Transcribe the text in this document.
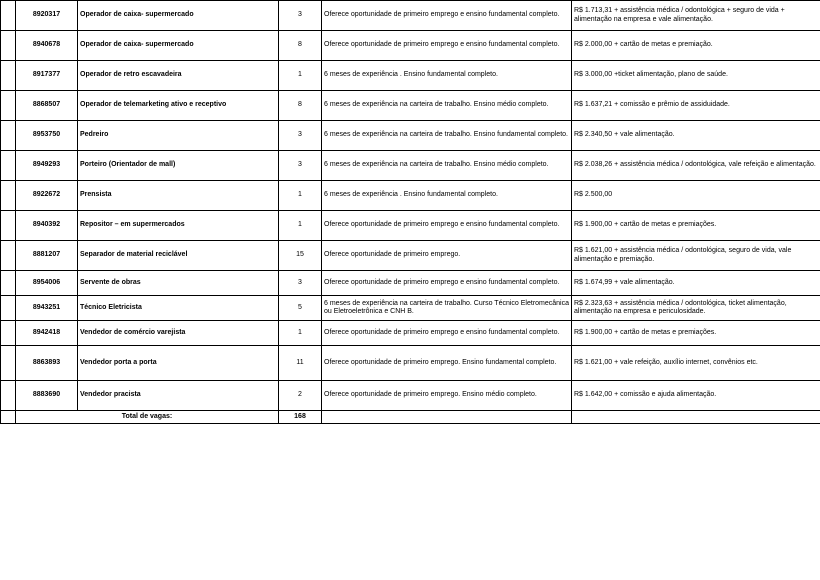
	8920317	Operador de caixa- supermercado	3	Oferece oportunidade de primeiro emprego e ensino fundamental completo.	R$ 1.713,31 + assistência médica / odontológica + seguro de vida + alimentação na empresa e vale alimentação.
	8940678	Operador de caixa- supermercado	8	Oferece oportunidade de primeiro emprego e ensino fundamental completo.	R$ 2.000,00 + cartão de metas e premiação.
	8917377	Operador de retro escavadeira	1	6 meses de experiência . Ensino fundamental completo.	R$ 3.000,00 +ticket alimentação, plano de saúde.
	8868507	Operador de telemarketing ativo e receptivo	8	6 meses de experiência na carteira de trabalho. Ensino médio completo.	R$ 1.637,21 + comissão e prêmio de assiduidade.
	8953750	Pedreiro	3	6 meses de experiência na carteira de trabalho. Ensino fundamental completo.	R$ 2.340,50 + vale alimentação.
	8949293	Porteiro (Orientador de mall)	3	6 meses de experiência na carteira de trabalho. Ensino médio completo.	R$ 2.038,26 + assistência médica / odontológica, vale refeição e alimentação.
	8922672	Prensista	1	6 meses de experiência . Ensino fundamental completo.	R$ 2.500,00
	8940392	Repositor – em supermercados	1	Oferece oportunidade de primeiro emprego e ensino fundamental completo.	R$ 1.900,00 + cartão de metas e premiações.
	8881207	Separador de material reciclável	15	Oferece oportunidade de primeiro emprego.	R$ 1.621,00 + assistência médica / odontológica, seguro de vida, vale alimentação e premiação.
	8954006	Servente de obras	3	Oferece oportunidade de primeiro emprego e ensino fundamental completo.	R$ 1.674,99 + vale alimentação.
	8943251	Técnico Eletricista	5	6 meses de experiência na carteira de trabalho. Curso Técnico Eletromecânica ou Eletroeletrônica e CNH B.	R$ 2.323,63 + assistência médica / odontológica, ticket alimentação, alimentação na empresa e periculosidade.
	8942418	Vendedor de comércio varejista	1	Oferece oportunidade de primeiro emprego e ensino fundamental completo.	R$ 1.900,00 + cartão de metas e premiações.
	8863893	Vendedor porta a porta	11	Oferece oportunidade de primeiro emprego. Ensino fundamental completo.	R$ 1.621,00 + vale refeição, auxílio internet, convênios etc.
	8883690	Vendedor pracista	2	Oferece oportunidade de primeiro emprego. Ensino médio completo.	R$ 1.642,00 + comissão e ajuda alimentação.
	Total de vagas:		168		
